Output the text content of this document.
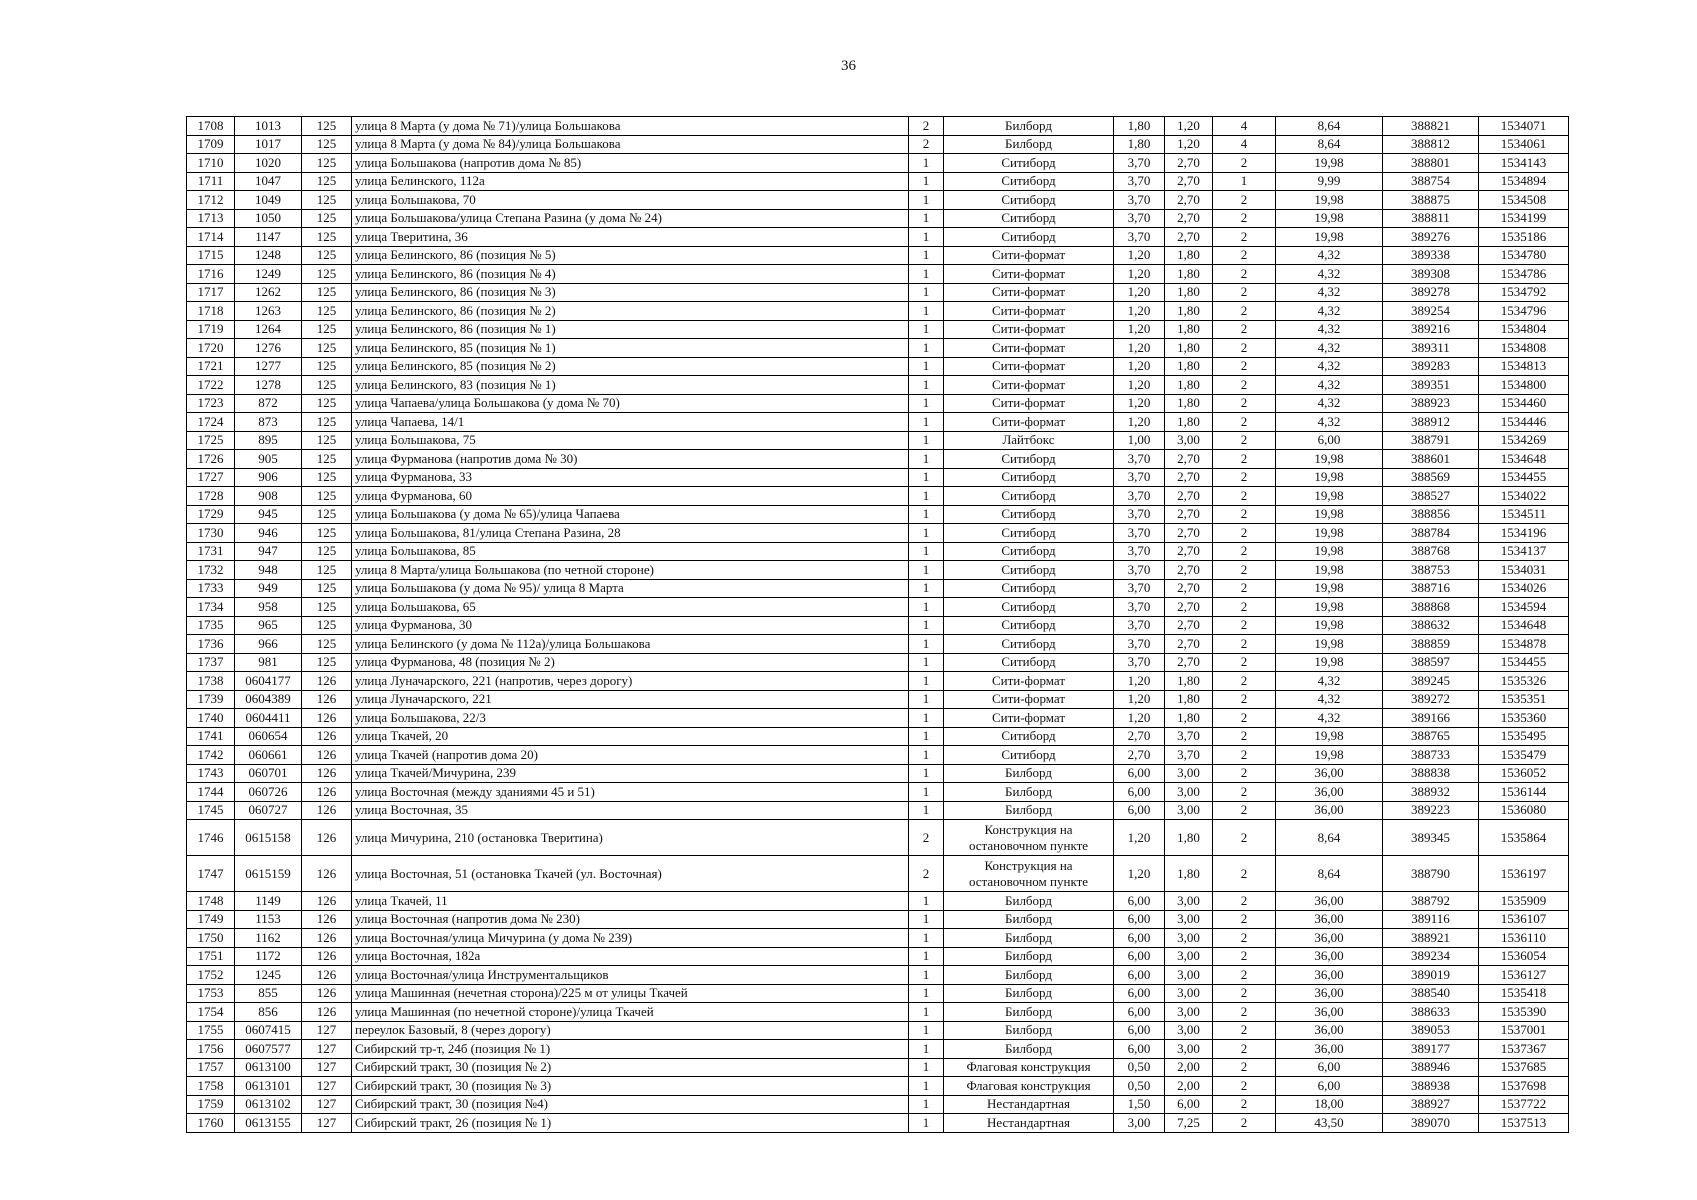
36
1708	1013	125	улица 8 Марта (у дома № 71)/улица Большакова	2	Билборд	1,80	1,20	4	8,64	388821	1534071
1709	1017	125	улица 8 Марта (у дома № 84)/улица Большакова	2	Билборд	1,80	1,20	4	8,64	388812	1534061
1710	1020	125	улица Большакова (напротив дома № 85)	1	Ситиборд	3,70	2,70	2	19,98	388801	1534143
1711	1047	125	улица Белинского, 112а	1	Ситиборд	3,70	2,70	1	9,99	388754	1534894
1712	1049	125	улица Большакова, 70	1	Ситиборд	3,70	2,70	2	19,98	388875	1534508
1713	1050	125	улица Большакова/улица Степана Разина (у дома № 24)	1	Ситиборд	3,70	2,70	2	19,98	388811	1534199
1714	1147	125	улица Тверитина, 36	1	Ситиборд	3,70	2,70	2	19,98	389276	1535186
1715	1248	125	улица Белинского, 86 (позиция № 5)	1	Сити-формат	1,20	1,80	2	4,32	389338	1534780
1716	1249	125	улица Белинского, 86 (позиция № 4)	1	Сити-формат	1,20	1,80	2	4,32	389308	1534786
1717	1262	125	улица Белинского, 86 (позиция № 3)	1	Сити-формат	1,20	1,80	2	4,32	389278	1534792
1718	1263	125	улица Белинского, 86 (позиция № 2)	1	Сити-формат	1,20	1,80	2	4,32	389254	1534796
1719	1264	125	улица Белинского, 86 (позиция № 1)	1	Сити-формат	1,20	1,80	2	4,32	389216	1534804
1720	1276	125	улица Белинского, 85 (позиция № 1)	1	Сити-формат	1,20	1,80	2	4,32	389311	1534808
1721	1277	125	улица Белинского, 85 (позиция № 2)	1	Сити-формат	1,20	1,80	2	4,32	389283	1534813
1722	1278	125	улица Белинского, 83 (позиция № 1)	1	Сити-формат	1,20	1,80	2	4,32	389351	1534800
1723	872	125	улица Чапаева/улица Большакова (у дома № 70)	1	Сити-формат	1,20	1,80	2	4,32	388923	1534460
1724	873	125	улица Чапаева, 14/1	1	Сити-формат	1,20	1,80	2	4,32	388912	1534446
1725	895	125	улица Большакова, 75	1	Лайтбокс	1,00	3,00	2	6,00	388791	1534269
1726	905	125	улица Фурманова (напротив дома № 30)	1	Ситиборд	3,70	2,70	2	19,98	388601	1534648
1727	906	125	улица Фурманова, 33	1	Ситиборд	3,70	2,70	2	19,98	388569	1534455
1728	908	125	улица Фурманова, 60	1	Ситиборд	3,70	2,70	2	19,98	388527	1534022
1729	945	125	улица Большакова (у дома № 65)/улица Чапаева	1	Ситиборд	3,70	2,70	2	19,98	388856	1534511
1730	946	125	улица Большакова, 81/улица Степана Разина, 28	1	Ситиборд	3,70	2,70	2	19,98	388784	1534196
1731	947	125	улица Большакова, 85	1	Ситиборд	3,70	2,70	2	19,98	388768	1534137
1732	948	125	улица 8 Марта/улица Большакова (по четной стороне)	1	Ситиборд	3,70	2,70	2	19,98	388753	1534031
1733	949	125	улица Большакова (у дома № 95)/ улица 8 Марта	1	Ситиборд	3,70	2,70	2	19,98	388716	1534026
1734	958	125	улица Большакова, 65	1	Ситиборд	3,70	2,70	2	19,98	388868	1534594
1735	965	125	улица Фурманова, 30	1	Ситиборд	3,70	2,70	2	19,98	388632	1534648
1736	966	125	улица Белинского (у дома № 112а)/улица Большакова	1	Ситиборд	3,70	2,70	2	19,98	388859	1534878
1737	981	125	улица Фурманова, 48 (позиция № 2)	1	Ситиборд	3,70	2,70	2	19,98	388597	1534455
1738	0604177	126	улица Луначарского, 221 (напротив, через дорогу)	1	Сити-формат	1,20	1,80	2	4,32	389245	1535326
1739	0604389	126	улица Луначарского, 221	1	Сити-формат	1,20	1,80	2	4,32	389272	1535351
1740	0604411	126	улица Большакова, 22/3	1	Сити-формат	1,20	1,80	2	4,32	389166	1535360
1741	060654	126	улица Ткачей, 20	1	Ситиборд	2,70	3,70	2	19,98	388765	1535495
1742	060661	126	улица Ткачей (напротив дома 20)	1	Ситиборд	2,70	3,70	2	19,98	388733	1535479
1743	060701	126	улица Ткачей/Мичурина, 239	1	Билборд	6,00	3,00	2	36,00	388838	1536052
1744	060726	126	улица Восточная (между зданиями 45 и 51)	1	Билборд	6,00	3,00	2	36,00	388932	1536144
1745	060727	126	улица Восточная, 35	1	Билборд	6,00	3,00	2	36,00	389223	1536080
1746	0615158	126	улица Мичурина, 210 (остановка Тверитина)	2	Конструкция на остановочном пункте	1,20	1,80	2	8,64	389345	1535864
1747	0615159	126	улица Восточная, 51 (остановка Ткачей (ул. Восточная)	2	Конструкция на остановочном пункте	1,20	1,80	2	8,64	388790	1536197
1748	1149	126	улица Ткачей, 11	1	Билборд	6,00	3,00	2	36,00	388792	1535909
1749	1153	126	улица Восточная (напротив дома № 230)	1	Билборд	6,00	3,00	2	36,00	389116	1536107
1750	1162	126	улица Восточная/улица Мичурина (у дома № 239)	1	Билборд	6,00	3,00	2	36,00	388921	1536110
1751	1172	126	улица Восточная, 182а	1	Билборд	6,00	3,00	2	36,00	389234	1536054
1752	1245	126	улица Восточная/улица Инструментальщиков	1	Билборд	6,00	3,00	2	36,00	389019	1536127
1753	855	126	улица Машинная (нечетная сторона)/225 м от улицы Ткачей	1	Билборд	6,00	3,00	2	36,00	388540	1535418
1754	856	126	улица Машинная (по нечетной стороне)/улица Ткачей	1	Билборд	6,00	3,00	2	36,00	388633	1535390
1755	0607415	127	переулок Базовый, 8 (через дорогу)	1	Билборд	6,00	3,00	2	36,00	389053	1537001
1756	0607577	127	Сибирский тр-т, 24б (позиция № 1)	1	Билборд	6,00	3,00	2	36,00	389177	1537367
1757	0613100	127	Сибирский тракт, 30 (позиция № 2)	1	Флаговая конструкция	0,50	2,00	2	6,00	388946	1537685
1758	0613101	127	Сибирский тракт, 30 (позиция № 3)	1	Флаговая конструкция	0,50	2,00	2	6,00	388938	1537698
1759	0613102	127	Сибирский тракт, 30 (позиция №4)	1	Нестандартная	1,50	6,00	2	18,00	388927	1537722
1760	0613155	127	Сибирский тракт, 26 (позиция № 1)	1	Нестандартная	3,00	7,25	2	43,50	389070	1537513
